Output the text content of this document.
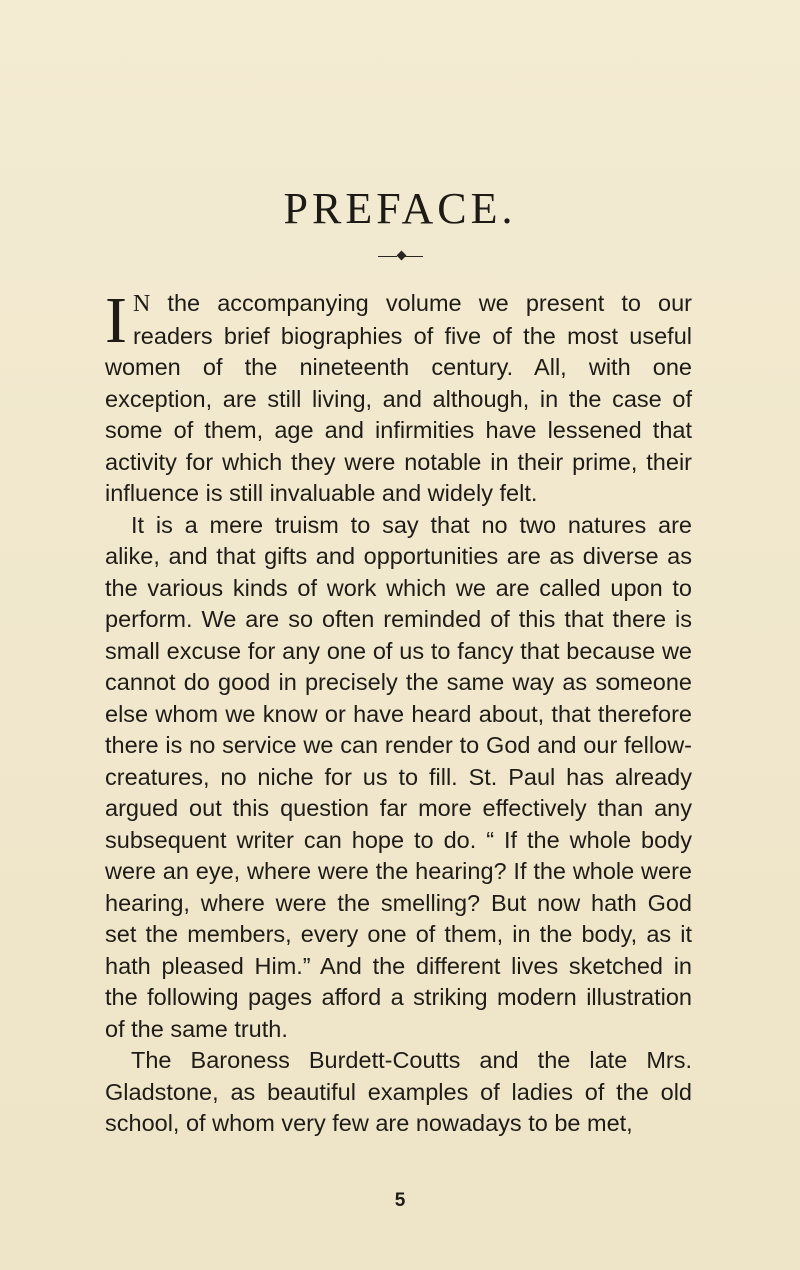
PREFACE.

I N the accompanying volume we present to our readers brief biographies of five of the most useful women of the nineteenth century. All, with one exception, are still living, and although, in the case of some of them, age and infirmities have lessened that activity for which they were notable in their prime, their influence is still invaluable and widely felt.

It is a mere truism to say that no two natures are alike, and that gifts and opportunities are as diverse as the various kinds of work which we are called upon to perform. We are so often reminded of this that there is small excuse for any one of us to fancy that because we cannot do good in precisely the same way as someone else whom we know or have heard about, that therefore there is no service we can render to God and our fellow-creatures, no niche for us to fill. St. Paul has already argued out this question far more effectively than any subsequent writer can hope to do. “ If the whole body were an eye, where were the hearing? If the whole were hearing, where were the smelling? But now hath God set the members, every one of them, in the body, as it hath pleased Him.” And the different lives sketched in the following pages afford a striking modern illustration of the same truth.

The Baroness Burdett-Coutts and the late Mrs. Gladstone, as beautiful examples of ladies of the old school, of whom very few are nowadays to be met,

5
